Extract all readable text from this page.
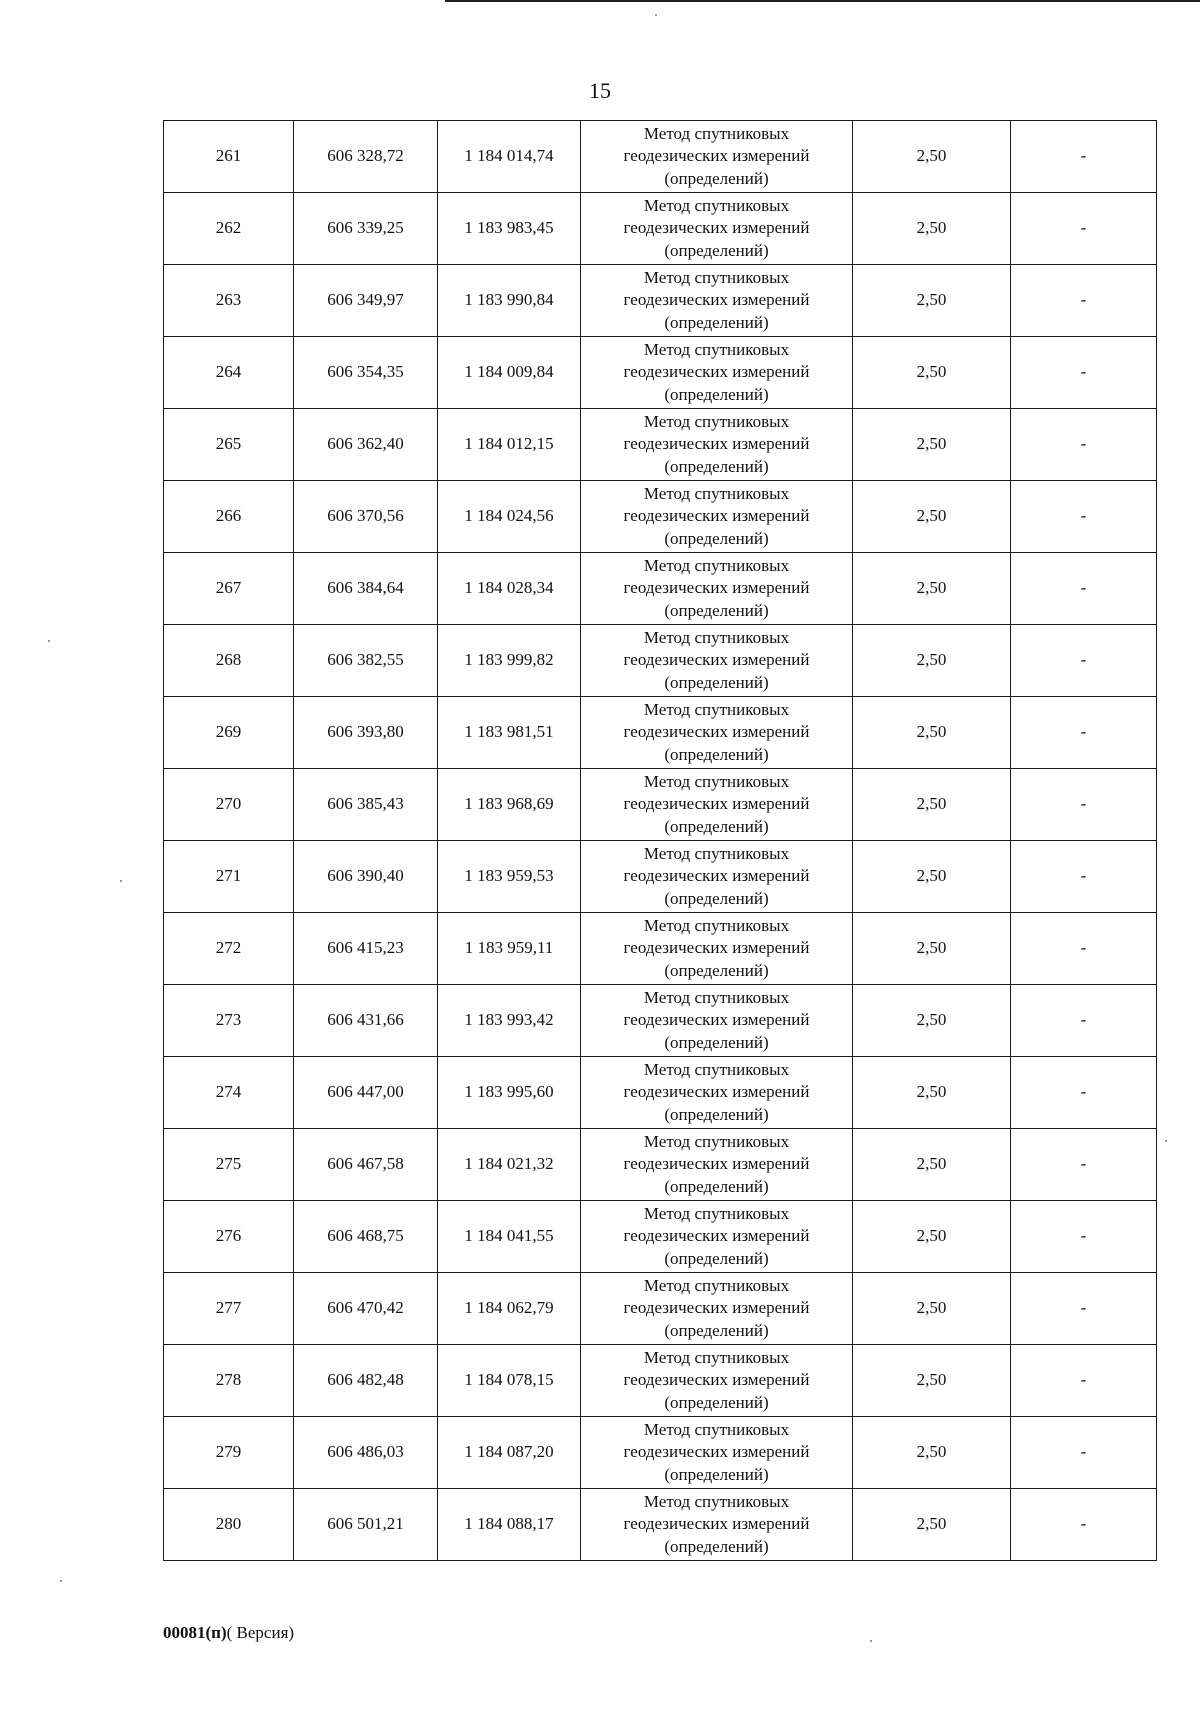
15
261	606 328,72	1 184 014,74	Метод спутниковых
геодезических измерений
(определений)	2,50	-
262	606 339,25	1 183 983,45	Метод спутниковых
геодезических измерений
(определений)	2,50	-
263	606 349,97	1 183 990,84	Метод спутниковых
геодезических измерений
(определений)	2,50	-
264	606 354,35	1 184 009,84	Метод спутниковых
геодезических измерений
(определений)	2,50	-
265	606 362,40	1 184 012,15	Метод спутниковых
геодезических измерений
(определений)	2,50	-
266	606 370,56	1 184 024,56	Метод спутниковых
геодезических измерений
(определений)	2,50	-
267	606 384,64	1 184 028,34	Метод спутниковых
геодезических измерений
(определений)	2,50	-
268	606 382,55	1 183 999,82	Метод спутниковых
геодезических измерений
(определений)	2,50	-
269	606 393,80	1 183 981,51	Метод спутниковых
геодезических измерений
(определений)	2,50	-
270	606 385,43	1 183 968,69	Метод спутниковых
геодезических измерений
(определений)	2,50	-
271	606 390,40	1 183 959,53	Метод спутниковых
геодезических измерений
(определений)	2,50	-
272	606 415,23	1 183 959,11	Метод спутниковых
геодезических измерений
(определений)	2,50	-
273	606 431,66	1 183 993,42	Метод спутниковых
геодезических измерений
(определений)	2,50	-
274	606 447,00	1 183 995,60	Метод спутниковых
геодезических измерений
(определений)	2,50	-
275	606 467,58	1 184 021,32	Метод спутниковых
геодезических измерений
(определений)	2,50	-
276	606 468,75	1 184 041,55	Метод спутниковых
геодезических измерений
(определений)	2,50	-
277	606 470,42	1 184 062,79	Метод спутниковых
геодезических измерений
(определений)	2,50	-
278	606 482,48	1 184 078,15	Метод спутниковых
геодезических измерений
(определений)	2,50	-
279	606 486,03	1 184 087,20	Метод спутниковых
геодезических измерений
(определений)	2,50	-
280	606 501,21	1 184 088,17	Метод спутниковых
геодезических измерений
(определений)	2,50	-
00081(п)( Версия)
